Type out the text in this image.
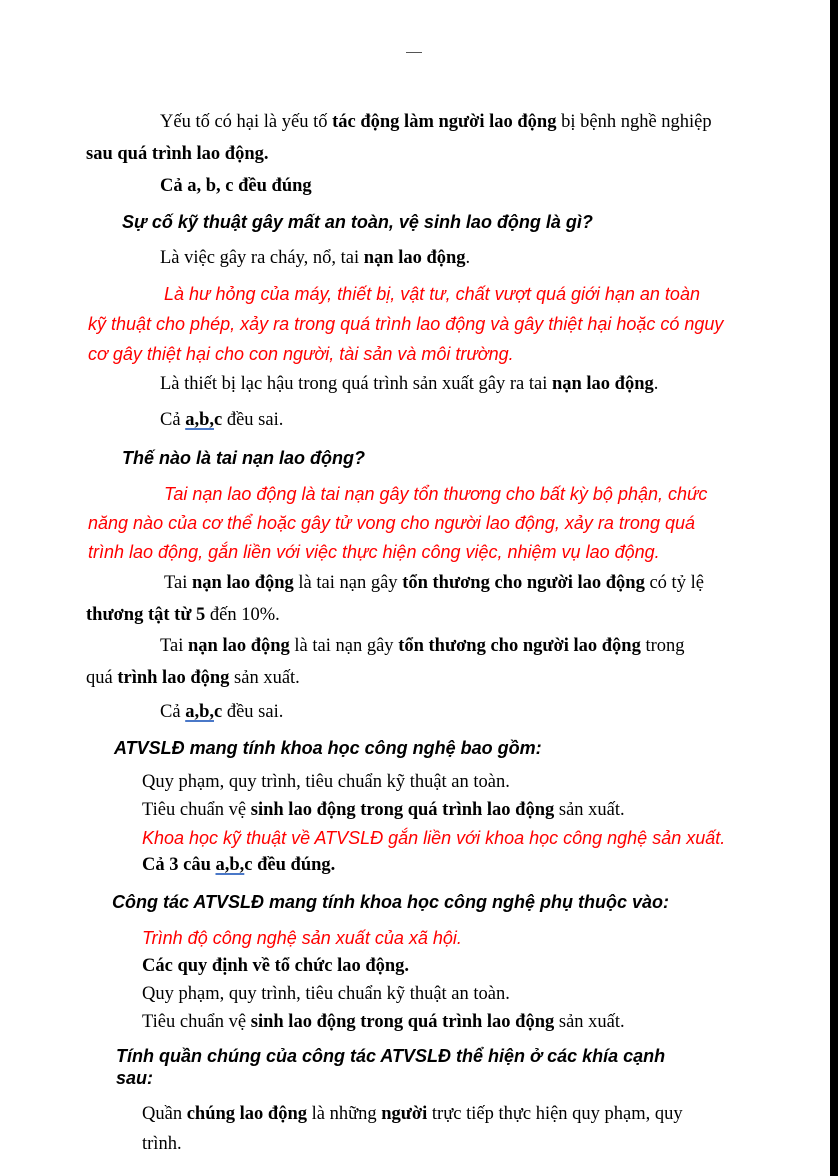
Yếu tố có hại là yếu tố tác động làm người lao động bị bệnh nghề nghiệp
sau quá trình lao động.
Cả a, b, c đều đúng
Sự cố kỹ thuật gây mất an toàn, vệ sinh lao động là gì?
Là việc gây ra cháy, nổ, tai nạn lao động.
Là hư hỏng của máy, thiết bị, vật tư, chất vượt quá giới hạn an toàn
kỹ thuật cho phép, xảy ra trong quá trình lao động và gây thiệt hại hoặc có nguy
cơ gây thiệt hại cho con người, tài sản và môi trường.
Là thiết bị lạc hậu trong quá trình sản xuất gây ra tai nạn lao động.
Cả a,b,c đều sai.
Thế nào là tai nạn lao động?
Tai nạn lao động là tai nạn gây tổn thương cho bất kỳ bộ phận, chức
năng nào của cơ thể hoặc gây tử vong cho người lao động, xảy ra trong quá
trình lao động, gắn liền với việc thực hiện công việc, nhiệm vụ lao động.
Tai nạn lao động là tai nạn gây tổn thương cho người lao động có tỷ lệ
thương tật từ 5 đến 10%.
Tai nạn lao động là tai nạn gây tổn thương cho người lao động trong
quá trình lao động sản xuất.
Cả a,b,c đều sai.
ATVSLĐ mang tính khoa học công nghệ bao gồm:
Quy phạm, quy trình, tiêu chuẩn kỹ thuật an toàn.
Tiêu chuẩn vệ sinh lao động trong quá trình lao động sản xuất.
Khoa học kỹ thuật về ATVSLĐ gắn liền với khoa học công nghệ sản xuất.
Cả 3 câu a,b,c đều đúng.
Công tác ATVSLĐ mang tính khoa học công nghệ phụ thuộc vào:
Trình độ công nghệ sản xuất của xã hội.
Các quy định về tổ chức lao động.
Quy phạm, quy trình, tiêu chuẩn kỹ thuật an toàn.
Tiêu chuẩn vệ sinh lao động trong quá trình lao động sản xuất.
Tính quần chúng của công tác ATVSLĐ thể hiện ở các khía cạnh
sau:
Quần chúng lao động là những người trực tiếp thực hiện quy phạm, quy
trình.
